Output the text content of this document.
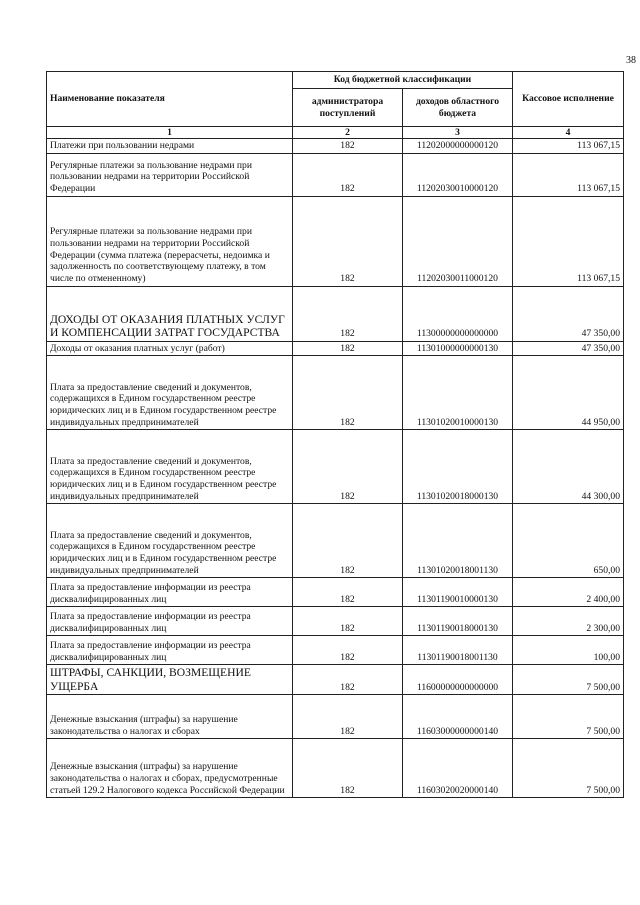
38
Наименование показателя	Код бюджетной классификации		Кассовое исполнение
	администратора поступлений	доходов областного бюджета	
1	2	3	4
Платежи при пользовании недрами	182	11202000000000120	113 067,15
Регулярные платежи за пользование недрами при пользовании недрами на территории Российской Федерации	182	11202030010000120	113 067,15
Регулярные платежи за пользование недрами при пользовании недрами на территории Российской Федерации (сумма платежа (перерасчеты, недоимка и задолженность по соответствующему платежу, в том числе по отмененному)	182	11202030011000120	113 067,15
ДОХОДЫ ОТ ОКАЗАНИЯ ПЛАТНЫХ УСЛУГ И КОМПЕНСАЦИИ ЗАТРАТ ГОСУДАРСТВА	182	11300000000000000	47 350,00
Доходы от оказания платных услуг (работ)	182	11301000000000130	47 350,00
Плата за предоставление сведений и документов, содержащихся в Едином государственном реестре юридических лиц и в Едином государственном реестре индивидуальных предпринимателей	182	11301020010000130	44 950,00
Плата за предоставление сведений и документов, содержащихся в Едином государственном реестре юридических лиц и в Едином государственном реестре индивидуальных предпринимателей	182	11301020018000130	44 300,00
Плата за предоставление сведений и документов, содержащихся в Едином государственном реестре юридических лиц и в Едином государственном реестре индивидуальных предпринимателей	182	11301020018001130	650,00
Плата за предоставление информации из реестра дисквалифицированных лиц	182	11301190010000130	2 400,00
Плата за предоставление информации из реестра дисквалифицированных лиц	182	11301190018000130	2 300,00
Плата за предоставление информации из реестра дисквалифицированных лиц	182	11301190018001130	100,00
ШТРАФЫ, САНКЦИИ, ВОЗМЕЩЕНИЕ УЩЕРБА	182	11600000000000000	7 500,00
Денежные взыскания (штрафы) за нарушение законодательства о налогах и сборах	182	11603000000000140	7 500,00
Денежные взыскания (штрафы) за нарушение законодательства о налогах и сборах, предусмотренные статьей 129.2 Налогового кодекса Российской Федерации	182	11603020020000140	7 500,00
